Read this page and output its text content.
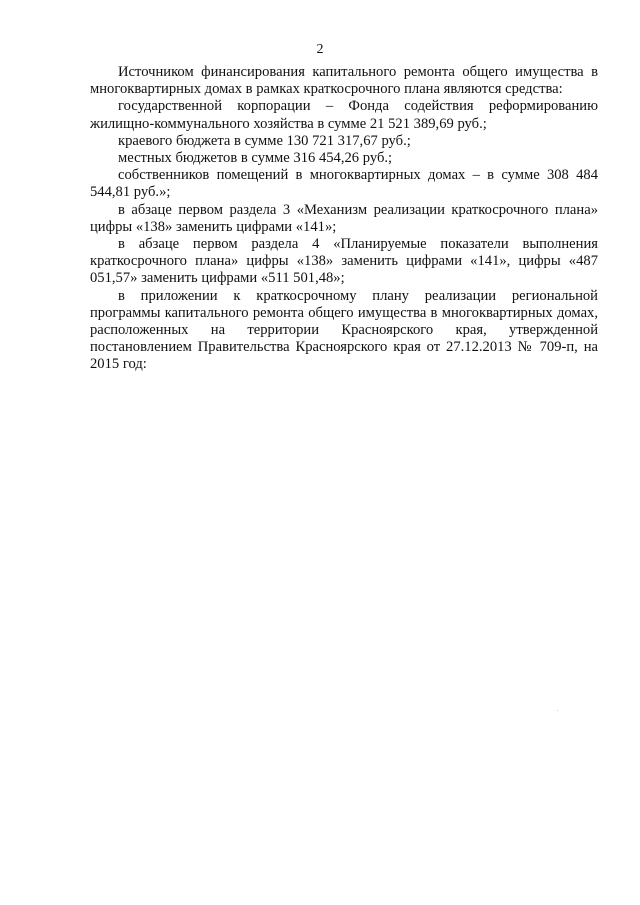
2

Источником финансирования капитального ремонта общего имущества в многоквартирных домах в рамках краткосрочного плана являются средства:

государственной корпорации – Фонда содействия реформированию жилищно-коммунального хозяйства в сумме 21 521 389,69 руб.;

краевого бюджета в сумме 130 721 317,67 руб.;

местных бюджетов в сумме 316 454,26 руб.;

собственников помещений в многоквартирных домах – в сумме 308 484 544,81 руб.»;

в абзаце первом раздела 3 «Механизм реализации краткосрочного плана» цифры «138» заменить цифрами «141»;

в абзаце первом раздела 4 «Планируемые показатели выполнения краткосрочного плана» цифры «138» заменить цифрами «141», цифры «487 051,57» заменить цифрами «511 501,48»;

в приложении к краткосрочному плану реализации региональной программы капитального ремонта общего имущества в многоквартирных домах, расположенных на территории Красноярского края, утвержденной постановлением Правительства Красноярского края от 27.12.2013 № 709-п, на 2015 год:
